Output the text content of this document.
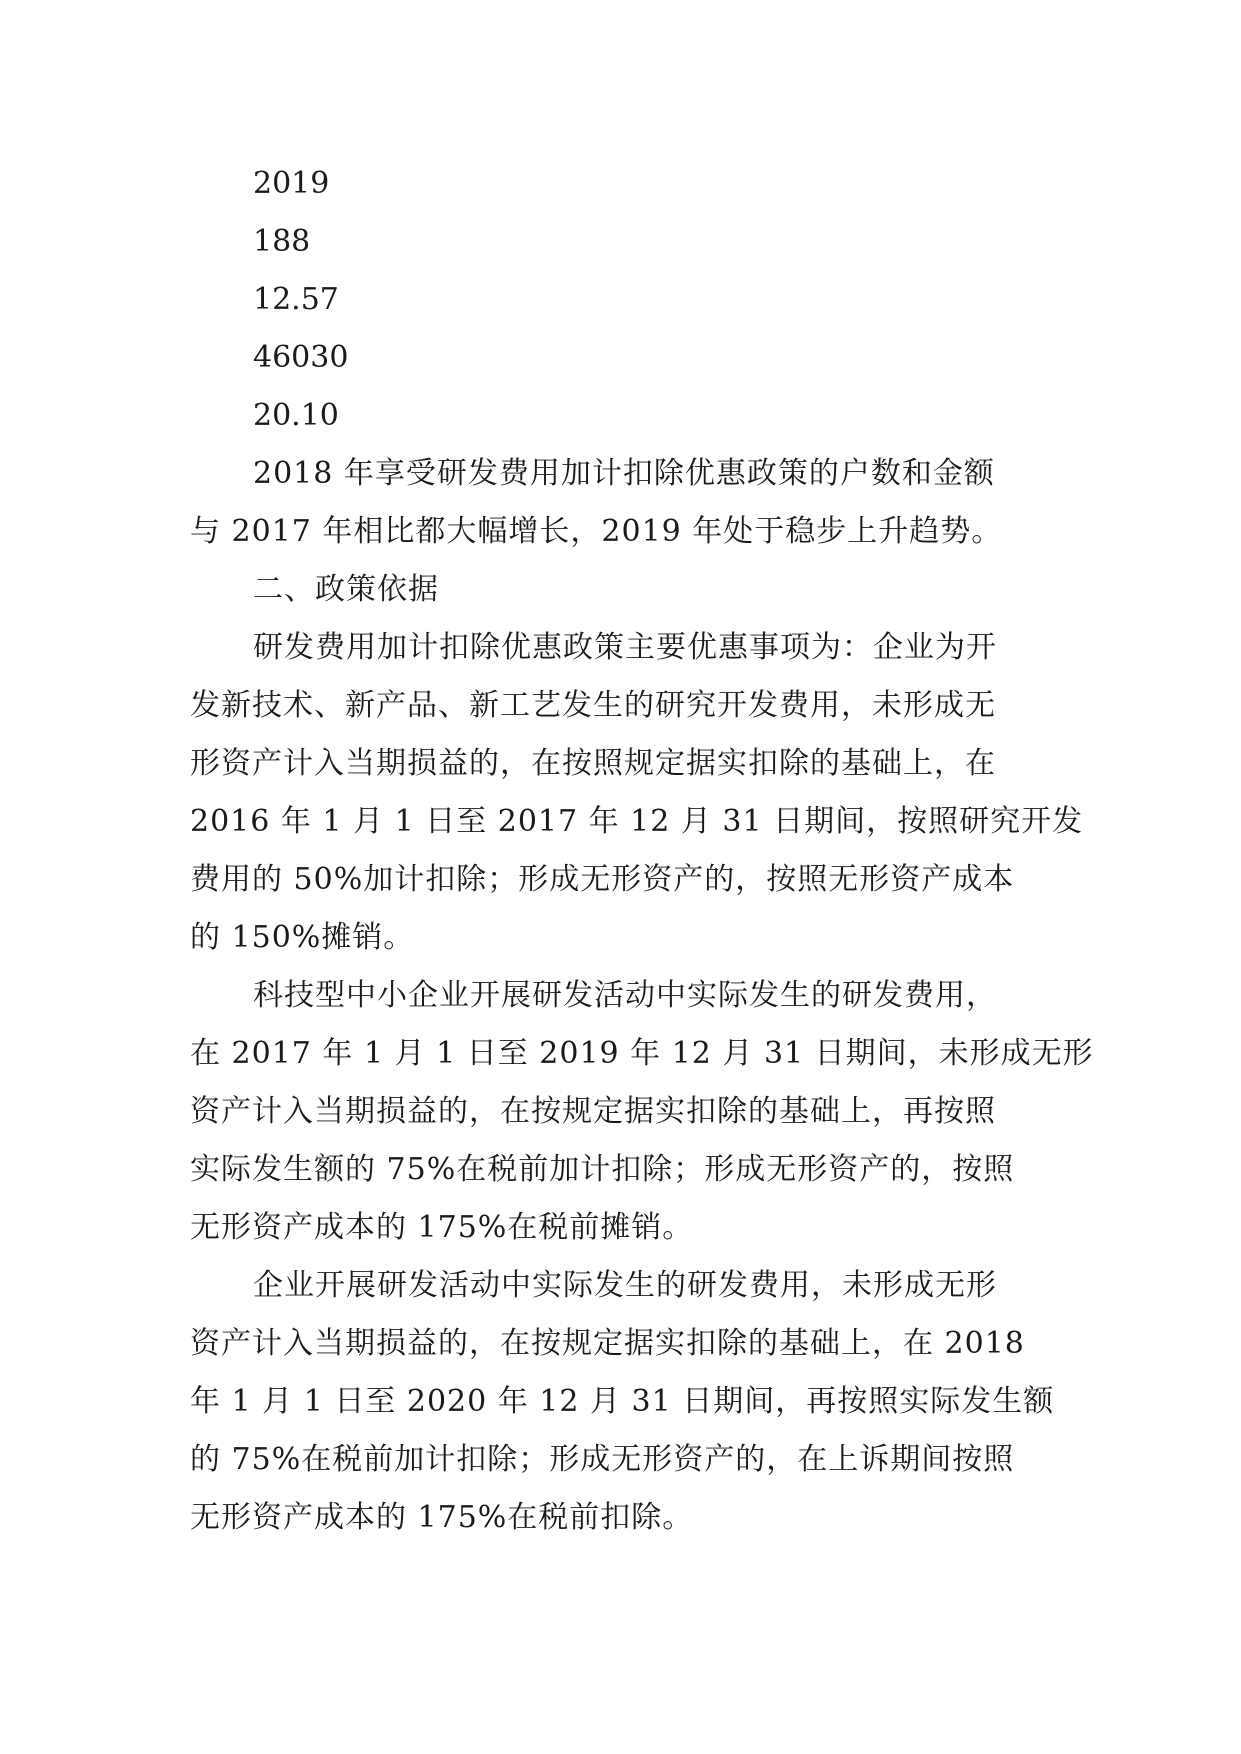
2019

188

12.57

46030

20.10

2018 年享受研发费用加计扣除优惠政策的户数和金额
与 2017 年相比都大幅增长，2019 年处于稳步上升趋势。

二、政策依据

研发费用加计扣除优惠政策主要优惠事项为：企业为开
发新技术、新产品、新工艺发生的研究开发费用，未形成无
形资产计入当期损益的，在按照规定据实扣除的基础上，在
2016 年 1 月 1 日至 2017 年 12 月 31 日期间，按照研究开发
费用的 50%加计扣除；形成无形资产的，按照无形资产成本
的 150%摊销。

科技型中小企业开展研发活动中实际发生的研发费用，
在 2017 年 1 月 1 日至 2019 年 12 月 31 日期间，未形成无形
资产计入当期损益的，在按规定据实扣除的基础上，再按照
实际发生额的 75%在税前加计扣除；形成无形资产的，按照
无形资产成本的 175%在税前摊销。

企业开展研发活动中实际发生的研发费用，未形成无形
资产计入当期损益的，在按规定据实扣除的基础上，在 2018
年 1 月 1 日至 2020 年 12 月 31 日期间，再按照实际发生额
的 75%在税前加计扣除；形成无形资产的，在上诉期间按照
无形资产成本的 175%在税前扣除。
